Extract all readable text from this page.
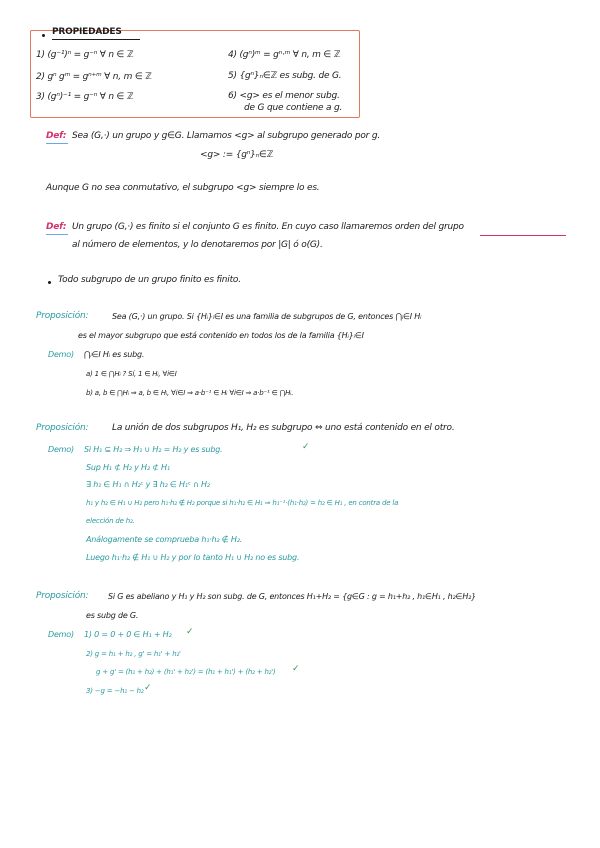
PROPIEDADES
1) (g⁻¹)ⁿ = g⁻ⁿ ∀ n ∈ ℤ
2) gⁿ gᵐ = gⁿ⁺ᵐ ∀ n, m ∈ ℤ
3) (gⁿ)⁻¹ = g⁻ⁿ ∀ n ∈ ℤ
4) (gⁿ)ᵐ = gⁿ·ᵐ ∀ n, m ∈ ℤ
5) {gⁿ}ₙ∈ℤ es subg. de G.
6) <g> es el menor subg.
de G que contiene a g.
Def: Sea (G,·) un grupo y g∈G. Llamamos <g> al subgrupo generado por g.
<g> := {gⁿ}ₙ∈ℤ
Aunque G no sea conmutativo, el subgrupo <g> siempre lo es.
Def: Un grupo (G,·) es finito si el conjunto G es finito. En cuyo caso llamaremos orden del grupo
al número de elementos, y lo denotaremos por |G| ó o(G).
Todo subgrupo de un grupo finito es finito.
Proposición:	Sea (G,·) un grupo. Si {Hᵢ}ᵢ∈I es una familia de subgrupos de G, entonces ⋂ᵢ∈I Hᵢ
es el mayor subgrupo que está contenido en todos los de la familia {Hᵢ}ᵢ∈I
Demo) ⋂ᵢ∈I Hᵢ es subg.
a) 1 ∈ ⋂Hᵢ ? Sí, 1 ∈ Hᵢ, ∀i∈I
b) a, b ∈ ⋂Hᵢ ⇒ a, b ∈ Hᵢ, ∀i∈I ⇒ a·b⁻¹ ∈ Hᵢ ∀i∈I ⇒ a·b⁻¹ ∈ ⋂Hᵢ.
Proposición:	La unión de dos subgrupos H₁, H₂ es subgrupo ⇔ uno está contenido en el otro.
Demo) Si H₁ ⊆ H₂ ⇒ H₁ ∪ H₂ = H₂ y es subg.	✓
Sup H₁ ⊄ H₂ y H₂ ⊄ H₁
∃ h₁ ∈ H₁ ∩ H₂ᶜ y ∃ h₂ ∈ H₁ᶜ ∩ H₂
h₁ y h₂ ∈ H₁ ∪ H₂ pero h₁·h₂ ∉ H₂ porque si h₁·h₂ ∈ H₁ ⇒ h₁⁻¹·(h₁·h₂) = h₂ ∈ H₁ , en contra de la
elección de h₂.
Análogamente se comprueba h₁·h₂ ∉ H₂.
Luego h₁·h₂ ∉ H₁ ∪ H₂ y por lo tanto H₁ ∪ H₂ no es subg.
Proposición: Si G es abeliano y H₁ y H₂ son subg. de G, entonces H₁+H₂ = {g∈G : g = h₁+h₂ , h₁∈H₁ , h₂∈H₂}
es subg de G.
Demo) 1) 0 = 0 + 0 ∈ H₁ + H₂ ✓
2) g = h₁ + h₂ , g' = h₁' + h₂'
g + g' = (h₁ + h₂) + (h₁' + h₂') = (h₁ + h₁') + (h₂ + h₂') ✓
3) −g = −h₁ − h₂ ✓
